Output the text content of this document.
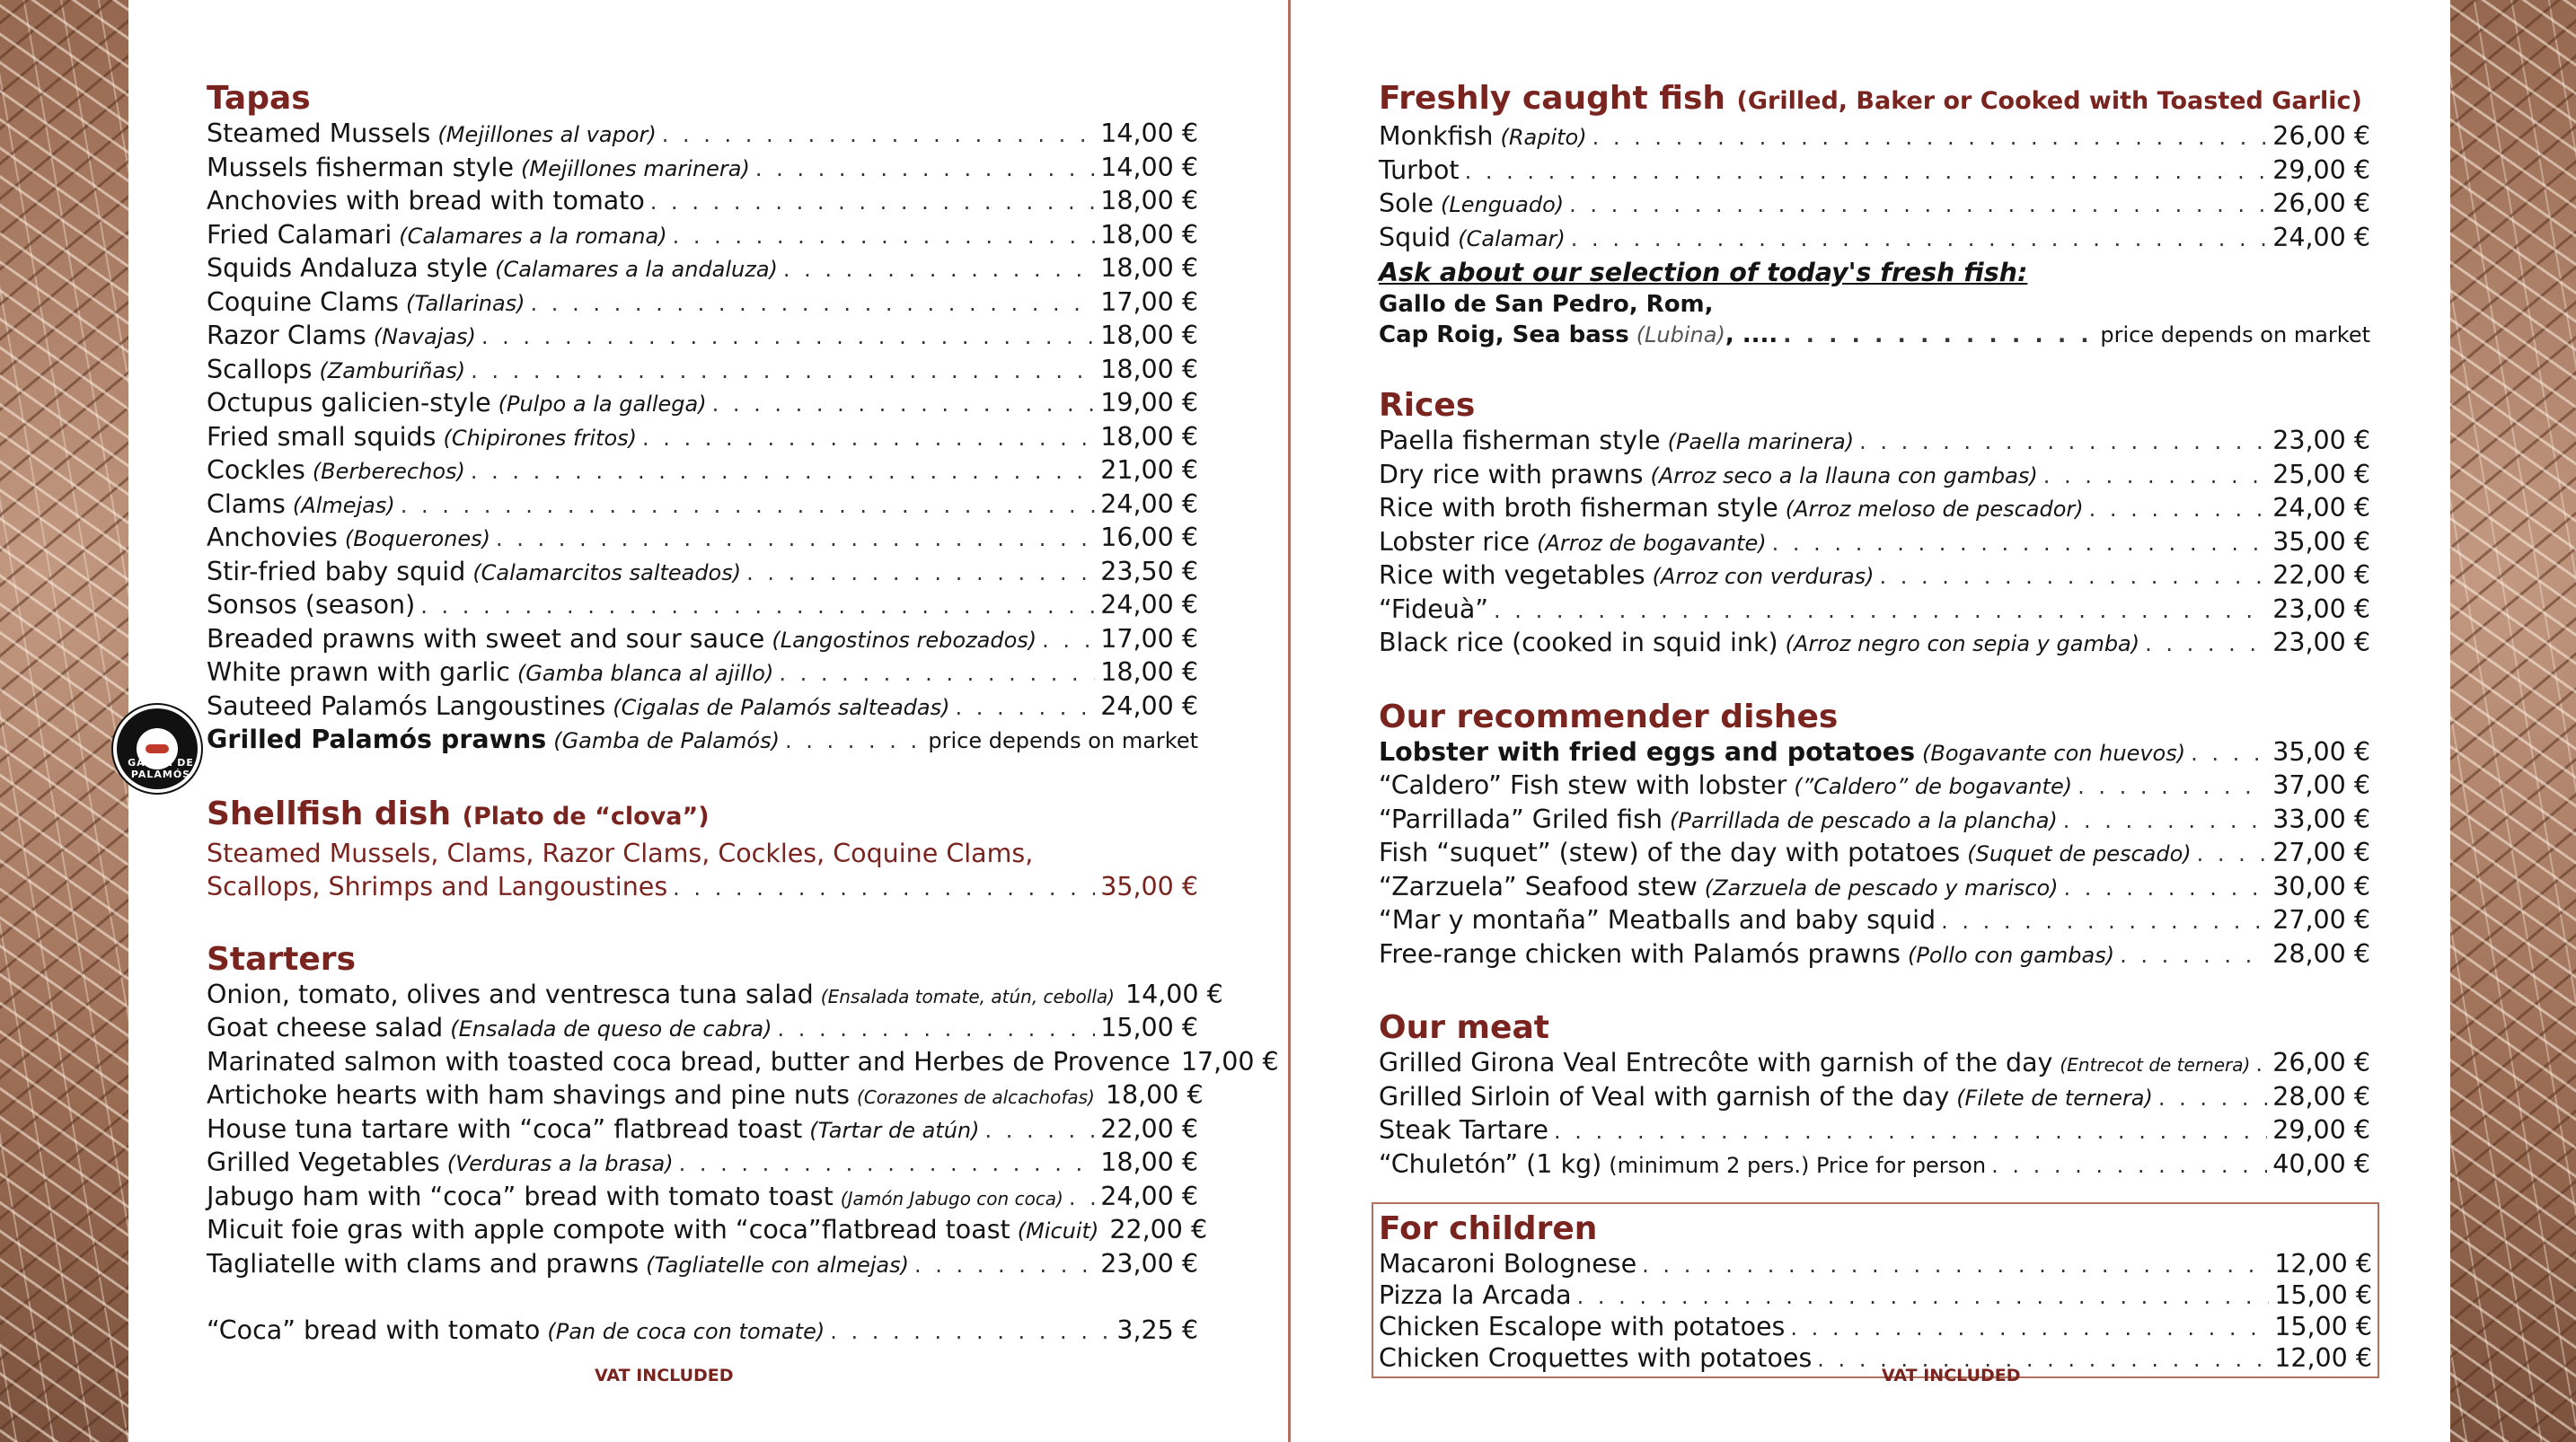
GAMBA DE PALAMÓS
Tapas
Steamed Mussels (Mejillones al vapor) . . .	14,00 €
Mussels fisherman style (Mejillones marinera) . . .	14,00 €
Anchovies with bread with tomato . . .	18,00 €
Fried Calamari (Calamares a la romana) . . .	18,00 €
Squids Andaluza style (Calamares a la andaluza) . . .	18,00 €
Coquine Clams (Tallarinas) . . .	17,00 €
Razor Clams (Navajas) . . .	18,00 €
Scallops (Zamburiñas) . . .	18,00 €
Octupus galicien-style (Pulpo a la gallega) . . .	19,00 €
Fried small squids (Chipirones fritos) . . .	18,00 €
Cockles (Berberechos) . . .	21,00 €
Clams (Almejas) . . .	24,00 €
Anchovies (Boquerones) . . .	16,00 €
Stir-fried baby squid (Calamarcitos salteados) . . .	23,50 €
Sonsos (season) . . .	24,00 €
Breaded prawns with sweet and sour sauce (Langostinos rebozados) . . . 17,00 €
White prawn with garlic (Gamba blanca al ajillo) . . .	18,00 €
Sauteed Palamós Langoustines (Cigalas de Palamós salteadas) . . .	24,00 €
Grilled Palamós prawns (Gamba de Palamós) . . .	price depends on market
Shellfish dish (Plato de “clova”)
Steamed Mussels, Clams, Razor Clams, Cockles, Coquine Clams,
Scallops, Shrimps and Langoustines . . .	35,00 €
Starters
Onion, tomato, olives and ventresca tuna salad (Ensalada tomate, atún, cebolla) 14,00 €
Goat cheese salad (Ensalada de queso de cabra) . . .	15,00 €
Marinated salmon with toasted coca bread, butter and Herbes de Provence 17,00 €
Artichoke hearts with ham shavings and pine nuts (Corazones de alcachofas) 18,00 €
House tuna tartare with “coca” flatbread toast (Tartar de atún) . . .	22,00 €
Grilled Vegetables (Verduras a la brasa) . . .	18,00 €
Jabugo ham with “coca” bread with tomato toast (Jamón Jabugo con coca) . . . 24,00 €
Micuit foie gras with apple compote with “coca”flatbread toast (Micuit) 22,00 €
Tagliatelle with clams and prawns (Tagliatelle con almejas) . . .	23,00 €
“Coca” bread with tomato (Pan de coca con tomate) . . .	3,25 €
VAT INCLUDED
Freshly caught fish (Grilled, Baker or Cooked with Toasted Garlic)
Monkfish (Rapito) . . .	26,00 €
Turbot . . .	29,00 €
Sole (Lenguado) . . .	26,00 €
Squid (Calamar) . . .	24,00 €
Ask about our selection of today's fresh fish:
Gallo de San Pedro, Rom,
Cap Roig, Sea bass (Lubina) , .... . . .	price depends on market
Rices
Paella fisherman style (Paella marinera) . . .	23,00 €
Dry rice with prawns (Arroz seco a la llauna con gambas) . . .	25,00 €
Rice with broth fisherman style (Arroz meloso de pescador) . . .	24,00 €
Lobster rice (Arroz de bogavante) . . .	35,00 €
Rice with vegetables (Arroz con verduras) . . .	22,00 €
“Fideuà” . . .	23,00 €
Black rice (cooked in squid ink) (Arroz negro con sepia y gamba) . . .	23,00 €
Our recommender dishes
Lobster with fried eggs and potatoes (Bogavante con huevos) . . .	35,00 €
“Caldero” Fish stew with lobster (”Caldero” de bogavante) . . .	37,00 €
“Parrillada” Griled fish (Parrillada de pescado a la plancha) . . .	33,00 €
Fish “suquet” (stew) of the day with potatoes (Suquet de pescado) . . .	27,00 €
“Zarzuela” Seafood stew (Zarzuela de pescado y marisco) . . .	30,00 €
“Mar y montaña” Meatballs and baby squid . . .	27,00 €
Free-range chicken with Palamós prawns (Pollo con gambas) . . .	28,00 €
Our meat
Grilled Girona Veal Entrecôte with garnish of the day (Entrecot de ternera) . . . 26,00 €
Grilled Sirloin of Veal with garnish of the day (Filete de ternera) . . .	28,00 €
Steak Tartare . . .	29,00 €
“Chuletón” (1 kg) (minimum 2 pers.) Price for person . . .	40,00 €
For children
Macaroni Bolognese . . .	12,00 €
Pizza la Arcada . . .	15,00 €
Chicken Escalope with potatoes . . .	15,00 €
Chicken Croquettes with potatoes . . .	12,00 €
VAT INCLUDED
